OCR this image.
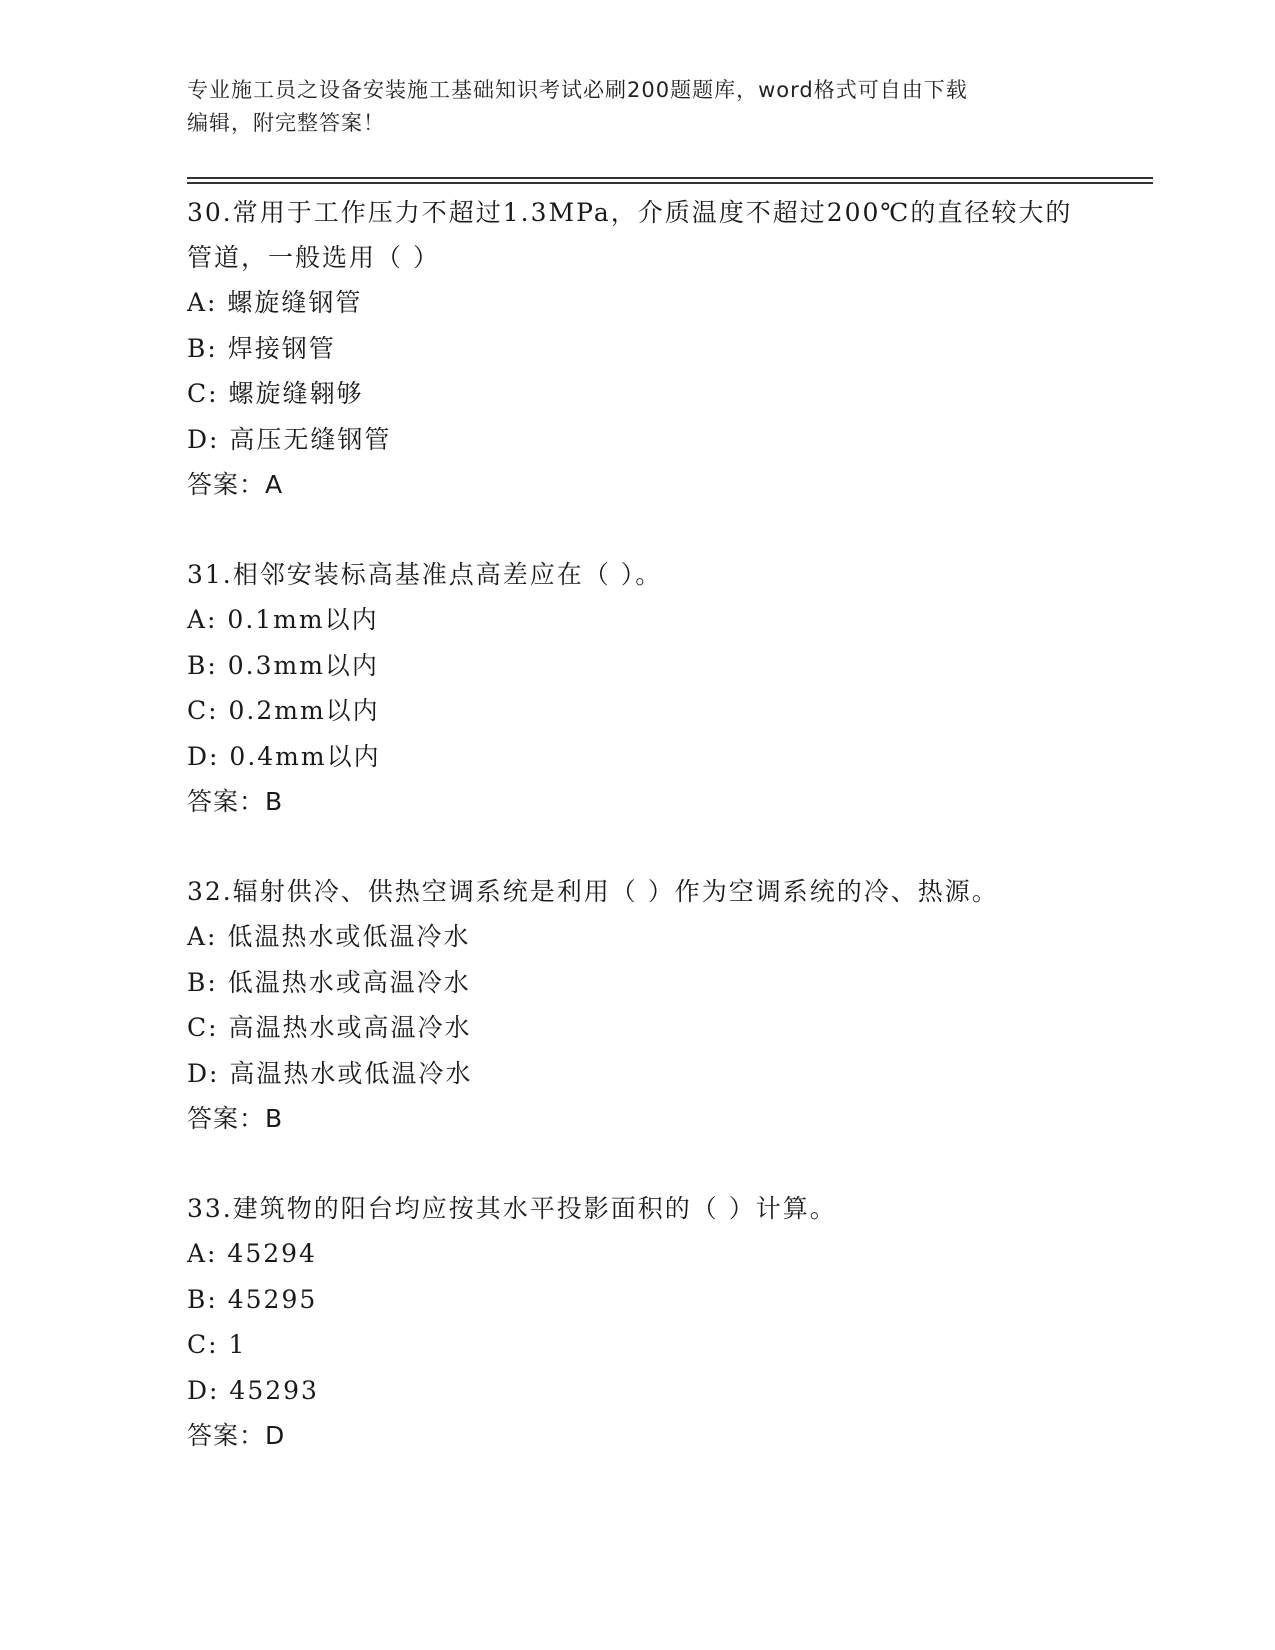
专业施工员之设备安装施工基础知识考试必刷200题题库，word格式可自由下载
编辑，附完整答案！

30.常用于工作压力不超过1.3MPa，介质温度不超过200℃的直径较大的管道，一般选用（ ）

A: 螺旋缝钢管

B: 焊接钢管

C: 螺旋缝翱够

D: 高压无缝钢管

答案：A

31.相邻安装标高基准点高差应在（ ）。

A: 0.1mm以内

B: 0.3mm以内

C: 0.2mm以内

D: 0.4mm以内

答案：B

32.辐射供冷、供热空调系统是利用（ ）作为空调系统的冷、热源。

A: 低温热水或低温冷水

B: 低温热水或高温冷水

C: 高温热水或高温冷水

D: 高温热水或低温冷水

答案：B

33.建筑物的阳台均应按其水平投影面积的（ ）计算。

A: 45294

B: 45295

C: 1

D: 45293

答案：D
